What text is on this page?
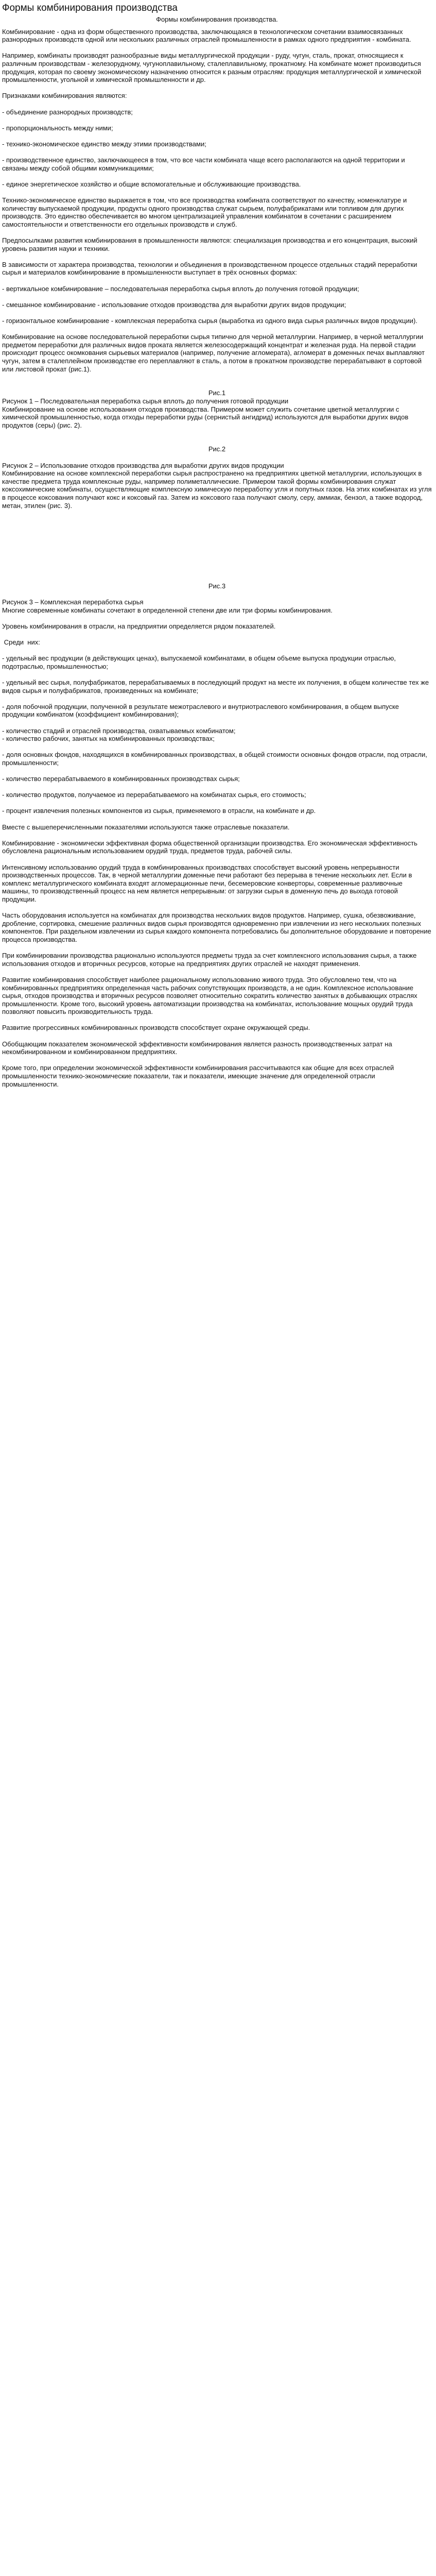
Формы комбинирования производства
Формы комбинирования производства.

Комбинирование - одна из форм общественного производства, заключающаяся в технологическом сочетании взаимосвязанных разнородных производств одной или нескольких различных отраслей промышленности в рамках одного предприятия - комбината.

Например, комбинаты производят разнообразные виды металлургической продукции - руду, чугун, сталь, прокат, относящиеся к различным производствам - железорудному, чугуноплавильному, сталеплавильному, прокатному. На комбинате может производиться продукция, которая по своему экономическому назначению относится к разным отраслям: продукция металлургической и химической промышленности, угольной и химической промышленности и др.

Признаками комбинирования являются:

- объединение разнородных производств;

- пропорциональность между ними;

- технико-экономическое единство между этими производствами;

- производственное единство, заключающееся в том, что все части комбината чаще всего располагаются на одной территории и связаны между собой общими коммуникациями;

- единое энергетическое хозяйство и общие вспомогательные и обслуживающие производства.

Технико-экономическое единство выражается в том, что все производства комбината соответствуют по качеству, номенклатуре и количеству выпускаемой продукции, продукты одного производства служат сырьем, полуфабрикатами или топливом для других производств. Это единство обеспечивается во многом централизацией управления комбинатом в сочетании с расширением самостоятельности и ответственности его отдельных производств и служб.

Предпосылками развития комбинирования в промышленности являются: специализация производства и его концентрация, высокий уровень развития науки и техники.

В зависимости от характера производства, технологии и объединения в производственном процессе отдельных стадий переработки сырья и материалов комбинирование в промышленности выступает в трёх основных формах:

- вертикальное комбинирование – последовательная переработка сырья вплоть до получения готовой продукции;

- смешанное комбинирование - использование отходов производства для выработки других видов продукции;

- горизонтальное комбинирование - комплексная переработка сырья (выработка из одного вида сырья различных видов продукции).

Комбинирование на основе последовательной переработки сырья типично для черной металлургии. Например, в черной металлургии предметом переработки для различных видов проката является железосодержащий концентрат и железная руда. На первой стадии происходит процесс окомкования сырьевых материалов (например, получение агломерата), агломерат в доменных печах выплавляют чугун, затем в сталеплейном производстве его переплавляют в сталь, а потом в прокатном производстве перерабатывают в сортовой или листовой прокат (рис.1).

Рис.1
Рисунок 1 – Последовательная переработка сырья вплоть до получения готовой продукции
Комбинирование на основе использования отходов производства. Примером может служить сочетание цветной металлургии с химической промышленностью, когда отходы переработки руды (сернистый ангидрид) используются для выработки других видов продуктов (серы) (рис. 2).
Рис.2
Рисунок 2 – Использование отходов производства для выработки других видов продукции
Комбинирование на основе комплексной переработки сырья распространено на предприятиях цветной металлургии, использующих в качестве предмета труда комплексные руды, например полиметаллические. Примером такой формы комбинирования служат коксохимические комбинаты, осуществляющие комплексную химическую переработку угля и попутных газов. На этих комбинатах из угля в процессе коксования получают кокс и коксовый газ. Затем из коксового газа получают смолу, серу, аммиак, бензол, а также водород, метан, этилен (рис. 3).
Рис.3
Рисунок 3 – Комплексная переработка сырья
Многие современные комбинаты сочетают в определенной степени две или три формы комбинирования.

Уровень комбинирования в отрасли, на предприятии определяется рядом показателей.

Среди  них:

- удельный вес продукции (в действующих ценах), выпускаемой комбинатами, в общем объеме выпуска продукции отраслью, подотраслью, промышленностью;

- удельный вес сырья, полуфабрикатов, перерабатываемых в последующий продукт на месте их получения, в общем количестве тех же видов сырья и полуфабрикатов, произведенных на комбинате;

- доля побочной продукции, полученной в результате межотраслевого и внутриотраслевого комбинирования, в общем выпуске продукции комбинатом (коэффициент комбинирования);

- количество стадий и отраслей производства, охватываемых комбинатом;
- количество рабочих, занятых на комбинированных производствах;

- доля основных фондов, находящихся в комбинированных производствах, в общей стоимости основных фондов отрасли, под отрасли, промышленности;

- количество перерабатываемого в комбинированных производствах сырья;

- количество продуктов, получаемое из перерабатываемого на комбинатах сырья, его стоимость;

- процент извлечения полезных компонентов из сырья, применяемого в отрасли, на комбинате и др.

Вместе с вышеперечисленными показателями используются также отраслевые показатели.

Комбинирование - экономически эффективная форма общественной организации производства. Его экономическая эффективность обусловлена рациональным использованием орудий труда, предметов труда, рабочей силы.

Интенсивному использованию орудий труда в комбинированных производствах способствует высокий уровень непрерывности производственных процессов. Так, в черной металлургии доменные печи работают без перерыва в течение нескольких лет. Если в комплекс металлургического комбината входят агломерационные печи, бесемеровские конверторы, современные разливочные машины, то производственный процесс на нем является непрерывным: от загрузки сырья в доменную печь до выхода готовой продукции.

Часть оборудования используется на комбинатах для производства нескольких видов продуктов. Например, сушка, обезвоживание, дробление, сортировка, смешение различных видов сырья производятся одновременно при извлечении из него нескольких полезных компонентов. При раздельном извлечении из сырья каждого компонента потребовались бы дополнительное оборудование и повторение процесса производства.

При комбинировании производства рационально используются предметы труда за счет комплексного использования сырья, а также использования отходов и вторичных ресурсов, которые на предприятиях других отраслей не находят применения.

Развитие комбинирования способствует наиболее рациональному использованию живого труда. Это обусловлено тем, что на комбинированных предприятиях определенная часть рабочих сопутствующих производств, а не один. Комплексное использование сырья, отходов производства и вторичных ресурсов позволяет относительно сократить количество занятых в добывающих отраслях промышленности. Кроме того, высокий уровень автоматизации производства на комбинатах, использование мощных орудий труда позволяют повысить производительность труда.

Развитие прогрессивных комбинированных производств способствует охране окружающей среды.

Обобщающим показателем экономической эффективности комбинирования является разность производственных затрат на некомбинированном и комбинированном предприятиях.

Кроме того, при определении экономической эффективности комбинирования рассчитываются как общие для всех отраслей промышленности технико-экономические показатели, так и показатели, имеющие значение для определенной отрасли промышленности.
